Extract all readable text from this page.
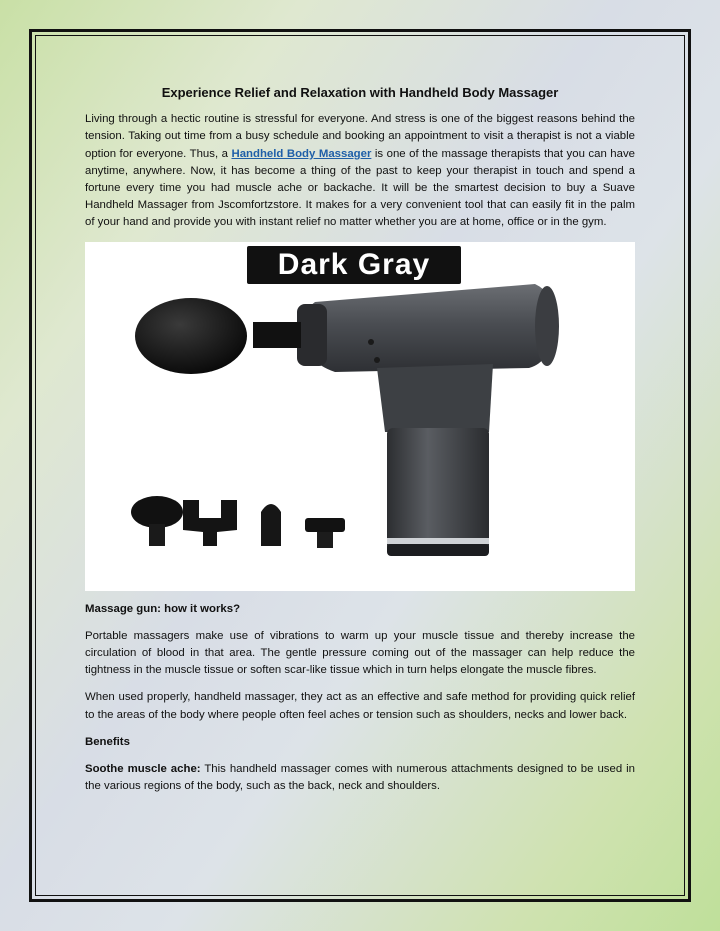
Experience Relief and Relaxation with Handheld Body Massager

Living through a hectic routine is stressful for everyone. And stress is one of the biggest reasons behind the tension. Taking out time from a busy schedule and booking an appointment to visit a therapist is not a viable option for everyone. Thus, a Handheld Body Massager is one of the massage therapists that you can have anytime, anywhere. Now, it has become a thing of the past to keep your therapist in touch and spend a fortune every time you had muscle ache or backache. It will be the smartest decision to buy a Suave Handheld Massager from Jscomfortzstore. It makes for a very convenient tool that can easily fit in the palm of your hand and provide you with instant relief no matter whether you are at home, office or in the gym.

Dark Gray
Massage gun: how it works?

Portable massagers make use of vibrations to warm up your muscle tissue and thereby increase the circulation of blood in that area. The gentle pressure coming out of the massager can help reduce the tightness in the muscle tissue or soften scar-like tissue which in turn helps elongate the muscle fibres.

When used properly, handheld massager, they act as an effective and safe method for providing quick relief to the areas of the body where people often feel aches or tension such as shoulders, necks and lower back.

Benefits

Soothe muscle ache: This handheld massager comes with numerous attachments designed to be used in the various regions of the body, such as the back, neck and shoulders.
